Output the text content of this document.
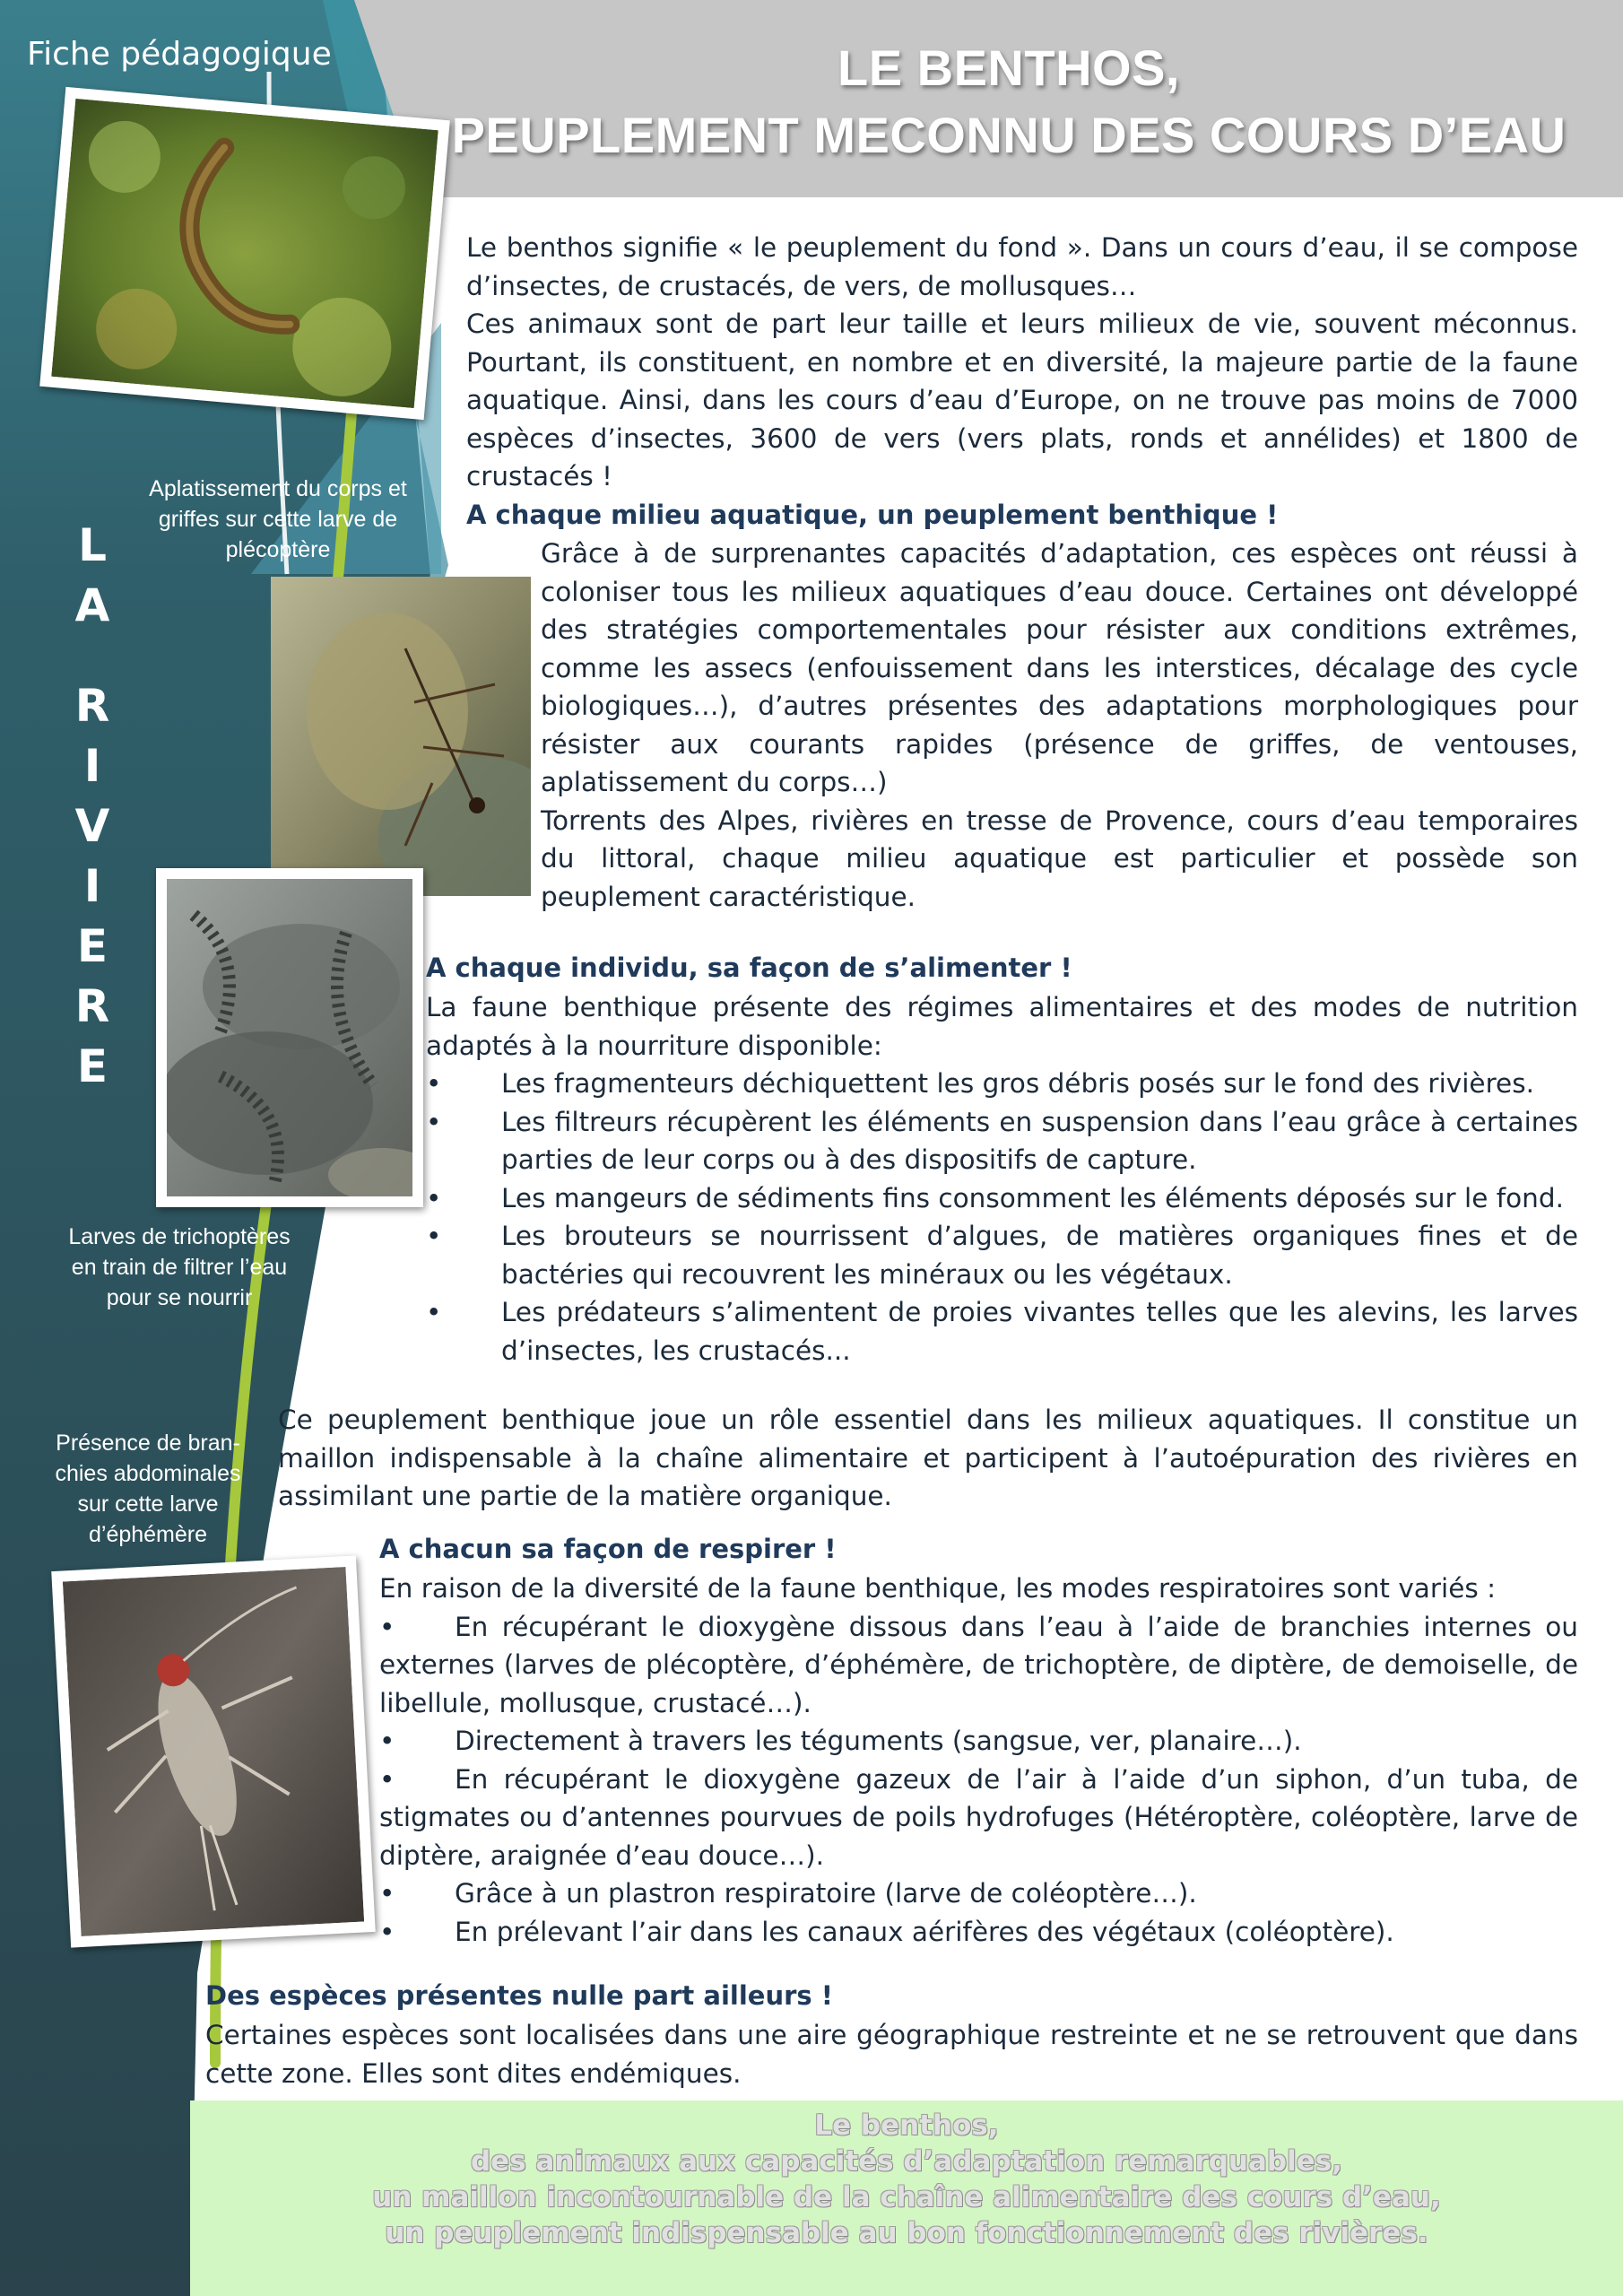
LE BENTHOS,
PEUPLEMENT MECONNU DES COURS D’EAU
Fiche pédagogique
L
A
R
I
V
I
E
R
E
Aplatissement du corps et
griffes sur cette larve de
plécoptère
Larves de trichoptères
en train de filtrer l’eau
pour se nourrir
Présence de bran-
chies abdominales
sur cette larve
d’éphémère

Le benthos signifie « le peuplement du fond ». Dans un cours d’eau, il se compose d’insectes, de crustacés, de vers, de mollusques…

Ces animaux sont de part leur taille et leurs milieux de vie, souvent méconnus. Pourtant, ils constituent, en nombre et en diversité, la majeure partie de la faune aquatique. Ainsi, dans les cours d’eau d’Europe, on ne trouve pas moins de 7000 espèces d’insectes, 3600 de vers (vers plats, ronds et annélides) et 1800 de crustacés !

A chaque milieu aquatique, un peuplement benthique !

Grâce à de surprenantes capacités d’adaptation, ces espèces ont réussi à coloniser tous les milieux aquatiques d’eau douce. Certaines ont développé des stratégies comportementales pour résister aux conditions extrêmes, comme les assecs (enfouissement dans les interstices, décalage des cycle biologiques…), d’autres présentes des adaptations morphologiques pour résister aux courants rapides (présence de griffes, de ventouses, aplatissement du corps…)

Torrents des Alpes, rivières en tresse de Provence, cours d’eau temporaires du littoral, chaque milieu aquatique est particulier et possède son peuplement caractéristique.

A chaque individu, sa façon de s’alimenter !

La faune benthique présente des régimes alimentaires et des modes de nutrition adaptés à la nourriture disponible:

• Les fragmenteurs déchiquettent les gros débris posés sur le fond des rivières.
• Les filtreurs récupèrent les éléments en suspension dans l’eau grâce à certaines parties de leur corps ou à des dispositifs de capture.
• Les mangeurs de sédiments fins consomment les éléments déposés sur le fond.
• Les brouteurs se nourrissent d’algues, de matières organiques fines et de bactéries qui recouvrent les minéraux ou les végétaux.
• Les prédateurs s’alimentent de proies vivantes telles que les alevins, les larves d’insectes, les crustacés...

Ce peuplement benthique joue un rôle essentiel dans les milieux aquatiques. Il constitue un maillon indispensable à la chaîne alimentaire et participent à l’autoépuration des rivières en assimilant une partie de la matière organique.

A chacun sa façon de respirer !

En raison de la diversité de la faune benthique, les modes respiratoires sont variés :

• En récupérant le dioxygène dissous dans l’eau à l’aide de branchies internes ou externes (larves de plécoptère, d’éphémère, de trichoptère, de diptère, de demoiselle, de libellule, mollusque, crustacé…).

• Directement à travers les téguments (sangsue, ver, planaire…).

• En récupérant le dioxygène gazeux de l’air à l’aide d’un siphon, d’un tuba, de stigmates ou d’antennes pourvues de poils hydrofuges (Hétéroptère, coléoptère, larve de diptère, araignée d’eau douce…).

• Grâce à un plastron respiratoire (larve de coléoptère…).

• En prélevant l’air dans les canaux aérifères des végétaux (coléoptère).

Des espèces présentes nulle part ailleurs !

Certaines espèces sont localisées dans une aire géographique restreinte et ne se retrouvent que dans cette zone. Elles sont dites endémiques.

Le benthos,
des animaux aux capacités d’adaptation remarquables,
un maillon incontournable de la chaîne alimentaire des cours d’eau,
un peuplement indispensable au bon fonctionnement des rivières.
